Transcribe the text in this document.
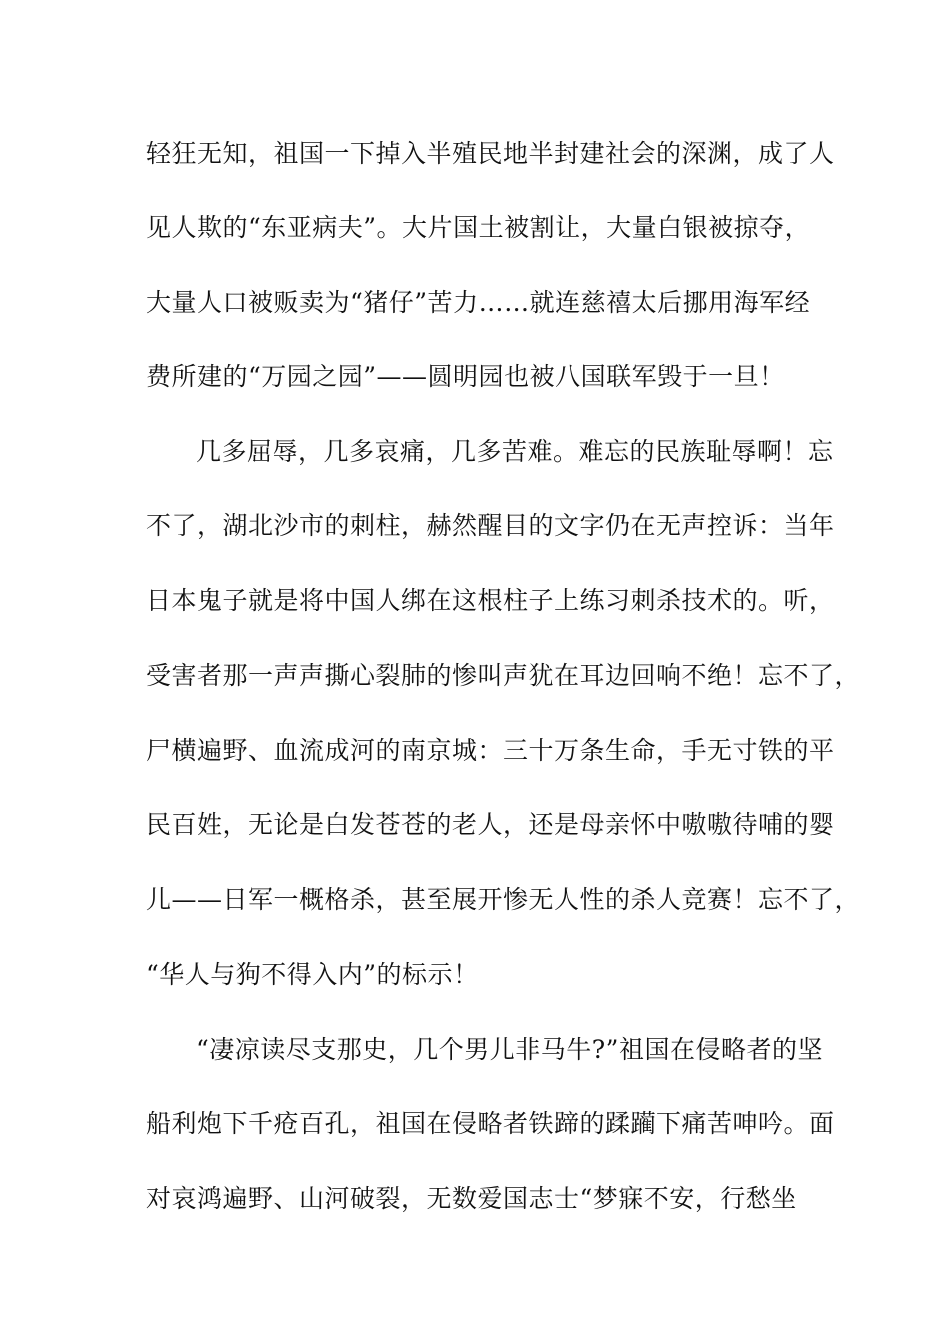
轻狂无知，祖国一下掉入半殖民地半封建社会的深渊，成了人
见人欺的“东亚病夫”。大片国土被割让，大量白银被掠夺，
大量人口被贩卖为“猪仔”苦力……就连慈禧太后挪用海军经
费所建的“万园之园”——圆明园也被八国联军毁于一旦！
几多屈辱，几多哀痛，几多苦难。难忘的民族耻辱啊！忘
不了，湖北沙市的刺柱，赫然醒目的文字仍在无声控诉：当年
日本鬼子就是将中国人绑在这根柱子上练习刺杀技术的。听，
受害者那一声声撕心裂肺的惨叫声犹在耳边回响不绝！忘不了，
尸横遍野、血流成河的南京城：三十万条生命，手无寸铁的平
民百姓，无论是白发苍苍的老人，还是母亲怀中嗷嗷待哺的婴
儿——日军一概格杀，甚至展开惨无人性的杀人竞赛！忘不了，
“华人与狗不得入内”的标示！
“凄凉读尽支那史，几个男儿非马牛?”祖国在侵略者的坚
船利炮下千疮百孔，祖国在侵略者铁蹄的蹂躏下痛苦呻吟。面
对哀鸿遍野、山河破裂，无数爱国志士“梦寐不安，行愁坐
